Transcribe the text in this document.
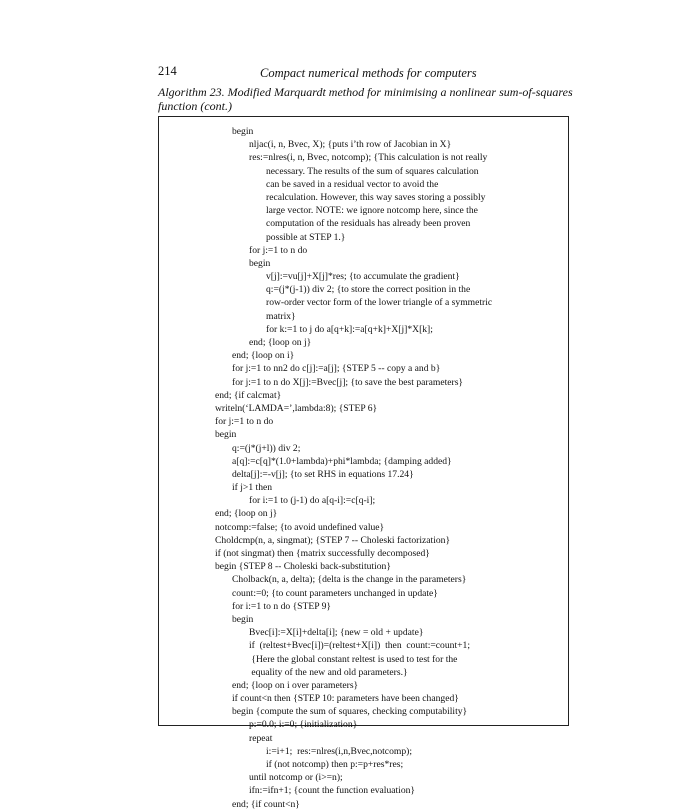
214	Compact numerical methods for computers
Algorithm 23. Modified Marquardt method for minimising a nonlinear sum-of-squares function (cont.)
begin
nljac(i, n, Bvec, X); {puts i’th row of Jacobian in X}
res:=nlres(i, n, Bvec, notcomp); {This calculation is not really
necessary. The results of the sum of squares calculation
can be saved in a residual vector to avoid the
recalculation. However, this way saves storing a possibly
large vector. NOTE: we ignore notcomp here, since the
computation of the residuals has already been proven
possible at STEP 1.}
for j:=1 to n do
begin
v[j]:=vu[j]+X[j]*res; {to accumulate the gradient}
q:=(j*(j-1)) div 2; {to store the correct position in the
row-order vector form of the lower triangle of a symmetric
matrix}
for k:=1 to j do a[q+k]:=a[q+k]+X[j]*X[k];
end; {loop on j}
end; {loop on i}
for j:=1 to nn2 do c[j]:=a[j]; {STEP 5 -- copy a and b}
for j:=1 to n do X[j]:=Bvec[j]; {to save the best parameters}
end; {if calcmat}
writeln(‘LAMDA=’,lambda:8); {STEP 6}
for j:=1 to n do
begin
q:=(j*(j+l)) div 2;
a[q]:=c[q]*(1.0+lambda)+phi*lambda; {damping added}
delta[j]:=-v[j]; {to set RHS in equations 17.24}
if j>1 then
for i:=1 to (j-1) do a[q-i]:=c[q-i];
end; {loop on j}
notcomp:=false; {to avoid undefined value}
Choldcmp(n, a, singmat); {STEP 7 -- Choleski factorization}
if (not singmat) then {matrix successfully decomposed}
begin {STEP 8 -- Choleski back-substitution}
Cholback(n, a, delta); {delta is the change in the parameters}
count:=0; {to count parameters unchanged in update}
for i:=1 to n do {STEP 9}
begin
Bvec[i]:=X[i]+delta[i]; {new = old + update}
if  (reltest+Bvec[i])=(reltest+X[i])  then  count:=count+1;
{Here the global constant reltest is used to test for the
equality of the new and old parameters.}
end; {loop on i over parameters}
if count<n then {STEP 10: parameters have been changed}
begin {compute the sum of squares, checking computability}
p:=0.0; i:=0; {initialization}
repeat
i:=i+1;  res:=nlres(i,n,Bvec,notcomp);
if (not notcomp) then p:=p+res*res;
until notcomp or (i>=n);
ifn:=ifn+1; {count the function evaluation}
end; {if count<n}
